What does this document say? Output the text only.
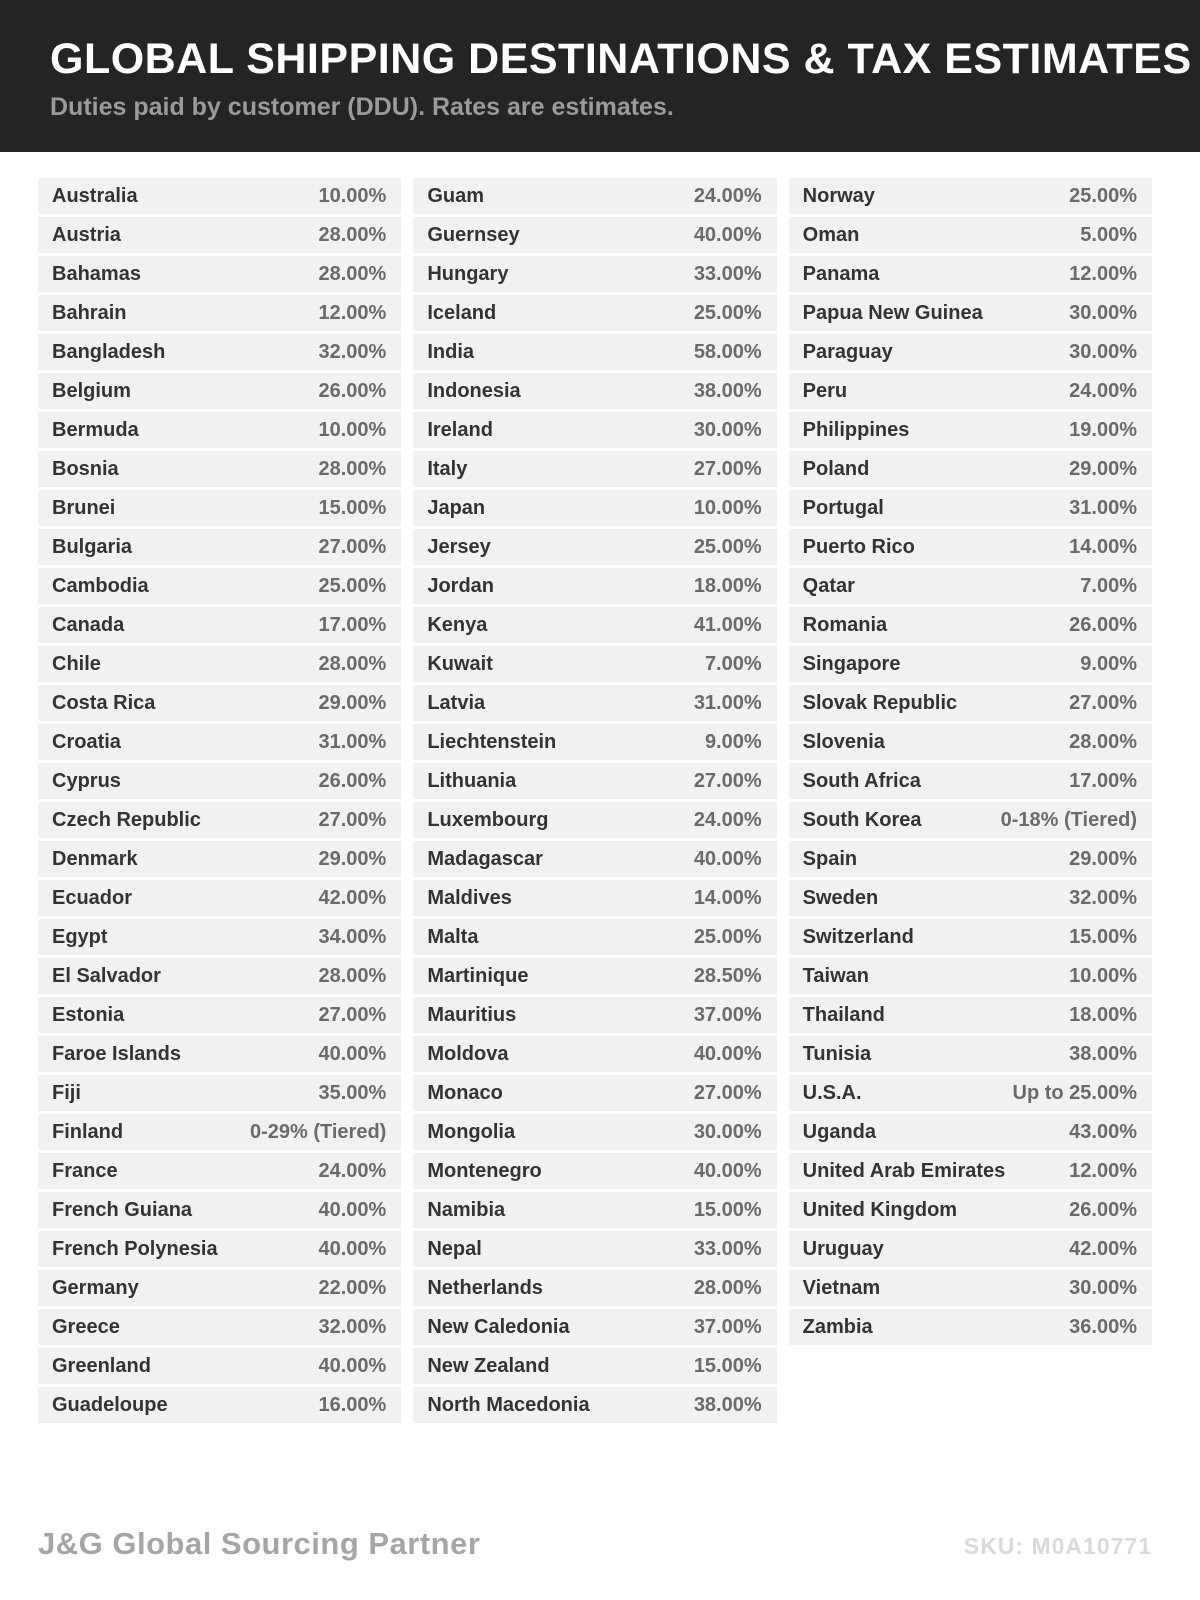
GLOBAL SHIPPING DESTINATIONS & TAX ESTIMATES
Duties paid by customer (DDU). Rates are estimates.
Australia	10.00%
Austria	28.00%
Bahamas	28.00%
Bahrain	12.00%
Bangladesh	32.00%
Belgium	26.00%
Bermuda	10.00%
Bosnia	28.00%
Brunei	15.00%
Bulgaria	27.00%
Cambodia	25.00%
Canada	17.00%
Chile	28.00%
Costa Rica	29.00%
Croatia	31.00%
Cyprus	26.00%
Czech Republic	27.00%
Denmark	29.00%
Ecuador	42.00%
Egypt	34.00%
El Salvador	28.00%
Estonia	27.00%
Faroe Islands	40.00%
Fiji	35.00%
Finland	0-29% (Tiered)
France	24.00%
French Guiana	40.00%
French Polynesia	40.00%
Germany	22.00%
Greece	32.00%
Greenland	40.00%
Guadeloupe	16.00%
Guam	24.00%
Guernsey	40.00%
Hungary	33.00%
Iceland	25.00%
India	58.00%
Indonesia	38.00%
Ireland	30.00%
Italy	27.00%
Japan	10.00%
Jersey	25.00%
Jordan	18.00%
Kenya	41.00%
Kuwait	7.00%
Latvia	31.00%
Liechtenstein	9.00%
Lithuania	27.00%
Luxembourg	24.00%
Madagascar	40.00%
Maldives	14.00%
Malta	25.00%
Martinique	28.50%
Mauritius	37.00%
Moldova	40.00%
Monaco	27.00%
Mongolia	30.00%
Montenegro	40.00%
Namibia	15.00%
Nepal	33.00%
Netherlands	28.00%
New Caledonia	37.00%
New Zealand	15.00%
North Macedonia	38.00%
Norway	25.00%
Oman	5.00%
Panama	12.00%
Papua New Guinea	30.00%
Paraguay	30.00%
Peru	24.00%
Philippines	19.00%
Poland	29.00%
Portugal	31.00%
Puerto Rico	14.00%
Qatar	7.00%
Romania	26.00%
Singapore	9.00%
Slovak Republic	27.00%
Slovenia	28.00%
South Africa	17.00%
South Korea	0-18% (Tiered)
Spain	29.00%
Sweden	32.00%
Switzerland	15.00%
Taiwan	10.00%
Thailand	18.00%
Tunisia	38.00%
U.S.A.	Up to 25.00%
Uganda	43.00%
United Arab Emirates	12.00%
United Kingdom	26.00%
Uruguay	42.00%
Vietnam	30.00%
Zambia	36.00%
J&G Global Sourcing Partner	SKU: M0A10771
